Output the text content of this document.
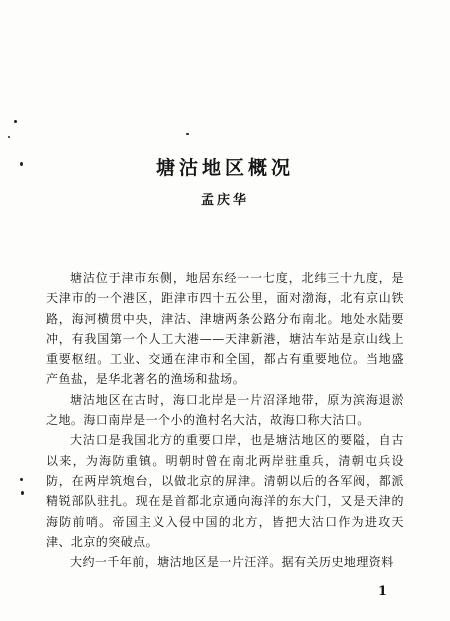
塘沽地区概况
孟庆华

塘沽位于津市东侧，地居东经一一七度，北纬三十九度，是天津市的一个港区，距津市四十五公里，面对渤海，北有京山铁路，海河横贯中央，津沽、津塘两条公路分布南北。地处水陆要冲，有我国第一个人工大港——天津新港，塘沽车站是京山线上重要枢纽。工业、交通在津市和全国，都占有重要地位。当地盛产鱼盐，是华北著名的渔场和盐场。

塘沽地区在古时，海口北岸是一片沼泽地带，原为滨海退淤之地。海口南岸是一个小的渔村名大沽，故海口称大沽口。

大沽口是我国北方的重要口岸，也是塘沽地区的要隘，自古以来，为海防重镇。明朝时曾在南北两岸驻重兵，清朝屯兵设防，在两岸筑炮台，以做北京的屏津。清朝以后的各军阀，都派精锐部队驻扎。现在是首都北京通向海洋的东大门，又是天津的海防前哨。帝国主义入侵中国的北方，皆把大沽口作为进攻天津、北京的突破点。

大约一千年前，塘沽地区是一片汪洋。据有关历史地理资料

1
